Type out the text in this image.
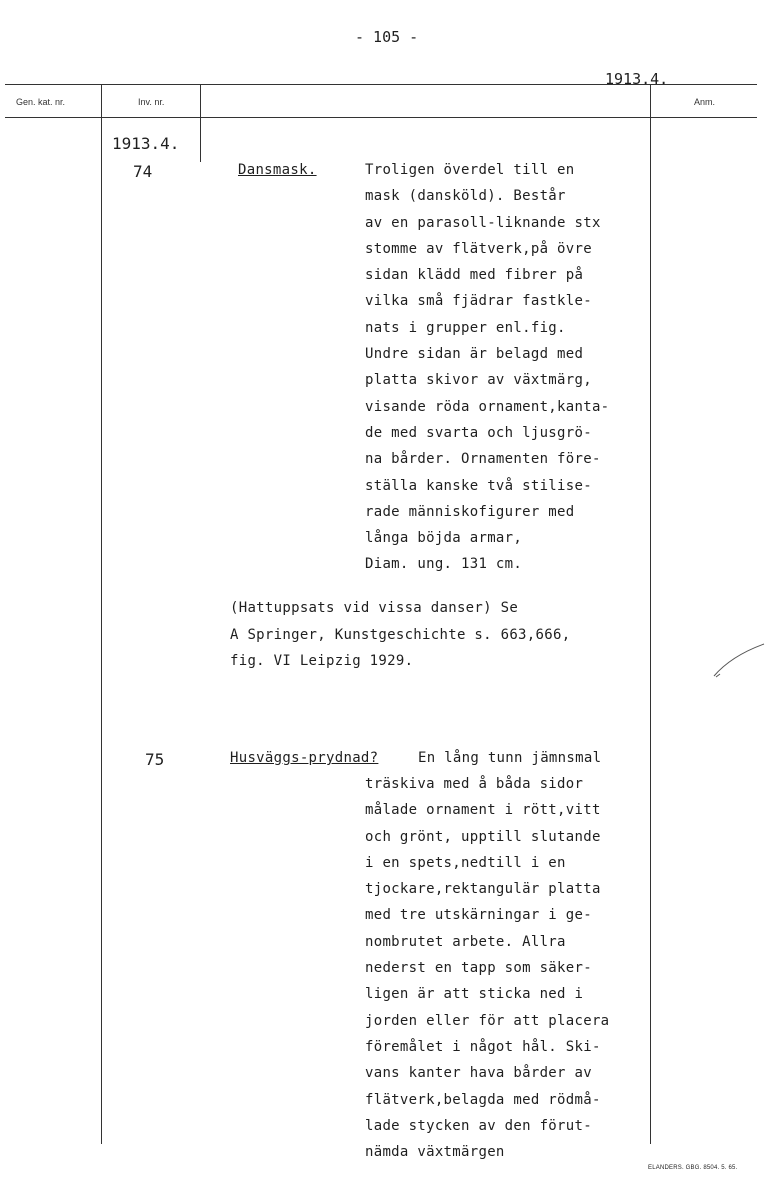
- 105 -
1913.4.
Gen. kat. nr.	Inv. nr.	Anm.
1913.4.
74	Dansmask.	Troligen överdel till en
mask (dansköld). Består
av en parasoll-liknande stx
stomme av flätverk,på övre
sidan klädd med fibrer på
vilka små fjädrar fastkle-
nats i grupper enl.fig.
Undre sidan är belagd med
platta skivor av växtmärg,
visande röda ornament,kanta-
de med svarta och ljusgrö-
na bårder. Ornamenten före-
ställa kanske två stilise-
rade människofigurer med
långa böjda armar,
Diam. ung. 131 cm.
(Hattuppsats vid vissa danser) Se
A Springer, Kunstgeschichte s. 663,666,
fig. VI Leipzig 1929.
75	Husväggs-prydnad?	En lång tunn jämnsmal
träskiva med å båda sidor
målade ornament i rött,vitt
och grönt, upptill slutande
i en spets,nedtill i en
tjockare,rektangulär platta
med tre utskärningar i ge-
nombrutet arbete. Allra
nederst en tapp som säker-
ligen är att sticka ned i
jorden eller för att placera
föremålet i något hål. Ski-
vans kanter hava bårder av
flätverk,belagda med rödmå-
lade stycken av den förut-
nämda växtmärgen
ELANDERS. GBG. 8504. 5. 65.
